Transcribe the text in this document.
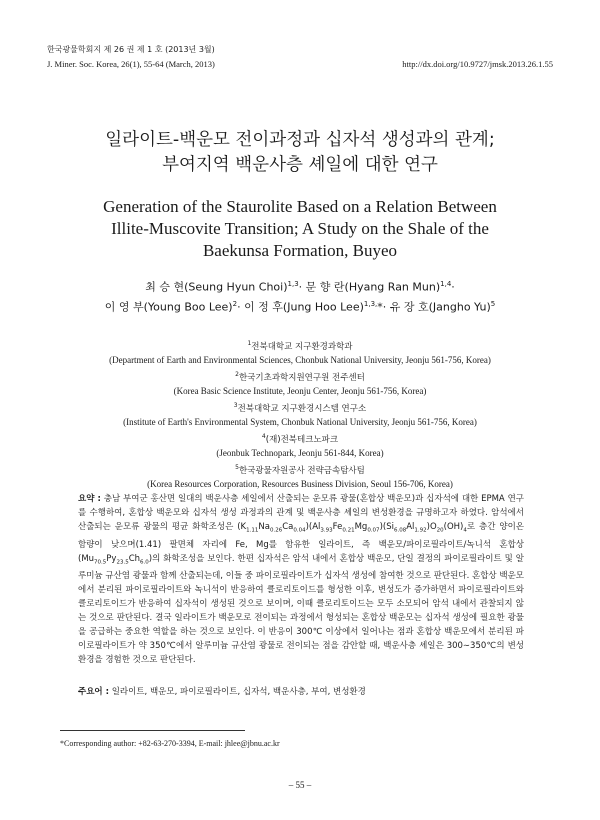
한국광물학회지 제 26 권 제 1 호 (2013년 3월)
J. Miner. Soc. Korea, 26(1), 55-64 (March, 2013)	http://dx.doi.org/10.9727/jmsk.2013.26.1.55
일라이트-백운모 전이과정과 십자석 생성과의 관계;
부여지역 백운사층 셰일에 대한 연구
Generation of the Staurolite Based on a Relation Between
Illite-Muscovite Transition; A Study on the Shale of the
Baekunsa Formation, Buyeo
최 승 현(Seung Hyun Choi)$^{1,3}$· 문 향 란(Hyang Ran Mun)$^{1,4}$·
이 영 부(Young Boo Lee)$^2$· 이 정 후(Jung Hoo Lee)$^{1,3,}$*· 유 장 호(Jangho Yu)$^5$
$^1$전북대학교 지구환경과학과
(Department of Earth and Environmental Sciences, Chonbuk National University, Jeonju 561-756, Korea)
$^2$한국기초과학지원연구원 전주센터
(Korea Basic Science Institute, Jeonju Center, Jeonju 561-756, Korea)
$^3$전북대학교 지구환경시스템 연구소
(Institute of Earth's Environmental System, Chonbuk National University, Jeonju 561-756, Korea)
$^4$(재)전북테크노파크
(Jeonbuk Technopark, Jeonju 561-844, Korea)
$^5$한국광물자원공사 전략금속탐사팀
(Korea Resources Corporation, Resources Business Division, Seoul 156-706, Korea)
요약 : 충남 부여군 홍산면 일대의 백운사층 셰일에서 산출되는 운모류 광물(혼합상 백운모)과 십자석에 대한 EPMA 연구를 수행하여, 혼합상 백운모와 십자석 생성 과정과의 관계 및 백운사층 셰일의 변성환경을 규명하고자 하였다. 암석에서 산출되는 운모류 광물의 평균 화학조성은 $(K_{1.11}Na_{0.26}Ca_{0.04})(Al_{3.93}Fe_{0.21}Mg_{0.07})(Si_{6.08}Al_{1.92})O_{20}(OH)_4$로 층간 양이온 함량이 낮으며(1.41) 팔면체 자리에 Fe, Mg를 함유한 일라이트, 즉 백운모/파이로필라이트/녹니석 혼합상$(Mu_{70.5}Py_{23.5}Ch_{6.0})$의 화학조성을 보인다. 한편 십자석은 암석 내에서 혼합상 백운모, 단일 결정의 파이로필라이트 및 알루미늄 규산염 광물과 함께 산출되는데, 이들 중 파이로필라이트가 십자석 생성에 참여한 것으로 판단된다. 혼합상 백운모에서 분리된 파이로필라이트와 녹니석이 반응하여 클로리토이드를 형성한 이후, 변성도가 증가하면서 파이로필라이트와 클로리토이드가 반응하여 십자석이 생성된 것으로 보이며, 이때 클로리토이드는 모두 소모되어 암석 내에서 관찰되지 않는 것으로 판단된다. 결국 일라이트가 백운모로 전이되는 과정에서 형성되는 혼합상 백운모는 십자석 생성에 필요한 광물을 공급하는 중요한 역할을 하는 것으로 보인다. 이 반응이 300℃ 이상에서 일어나는 점과 혼합상 백운모에서 분리된 파이로필라이트가 약 350℃에서 알루미늄 규산염 광물로 전이되는 점을 감안할 때, 백운사층 셰일은 300∼350℃의 변성환경을 경험한 것으로 판단된다.
주요어 : 일라이트, 백운모, 파이로필라이트, 십자석, 백운사층, 부여, 변성환경
*Corresponding author: +82-63-270-3394, E-mail: jhlee@jbnu.ac.kr
– 55 –
